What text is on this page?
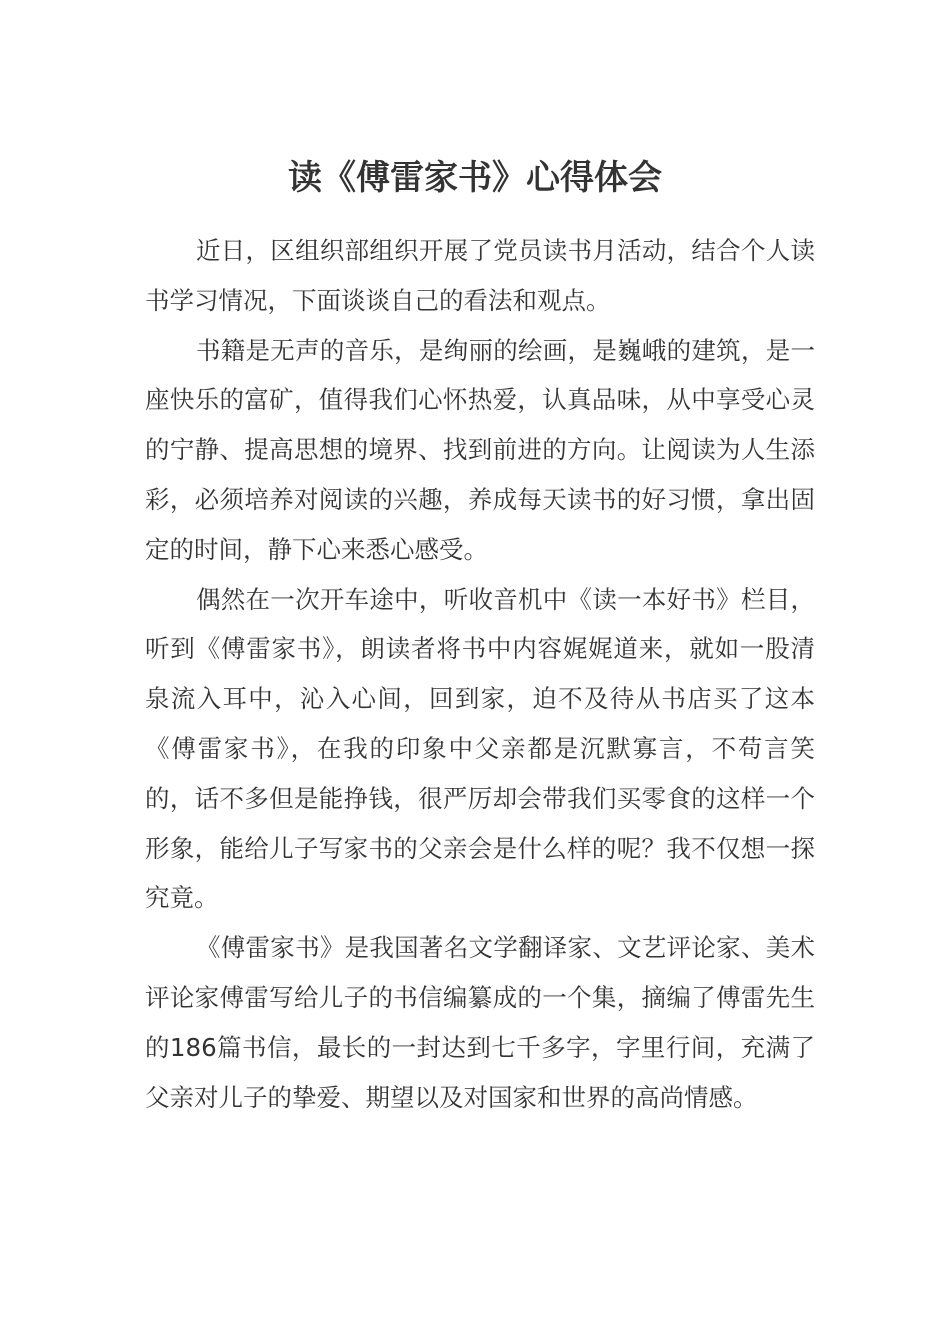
读《傅雷家书》心得体会

近日，区组织部组织开展了党员读书月活动，结合个人读书学习情况，下面谈谈自己的看法和观点。

书籍是无声的音乐，是绚丽的绘画，是巍峨的建筑，是一座快乐的富矿，值得我们心怀热爱，认真品味，从中享受心灵的宁静、提高思想的境界、找到前进的方向。让阅读为人生添彩，必须培养对阅读的兴趣，养成每天读书的好习惯，拿出固定的时间，静下心来悉心感受。

偶然在一次开车途中，听收音机中《读一本好书》栏目，听到《傅雷家书》，朗读者将书中内容娓娓道来，就如一股清泉流入耳中，沁入心间，回到家，迫不及待从书店买了这本《傅雷家书》，在我的印象中父亲都是沉默寡言，不苟言笑的，话不多但是能挣钱，很严厉却会带我们买零食的这样一个形象，能给儿子写家书的父亲会是什么样的呢？我不仅想一探究竟。

《傅雷家书》是我国著名文学翻译家、文艺评论家、美术评论家傅雷写给儿子的书信编纂成的一个集，摘编了傅雷先生的186篇书信，最长的一封达到七千多字，字里行间，充满了父亲对儿子的挚爱、期望以及对国家和世界的高尚情感。
